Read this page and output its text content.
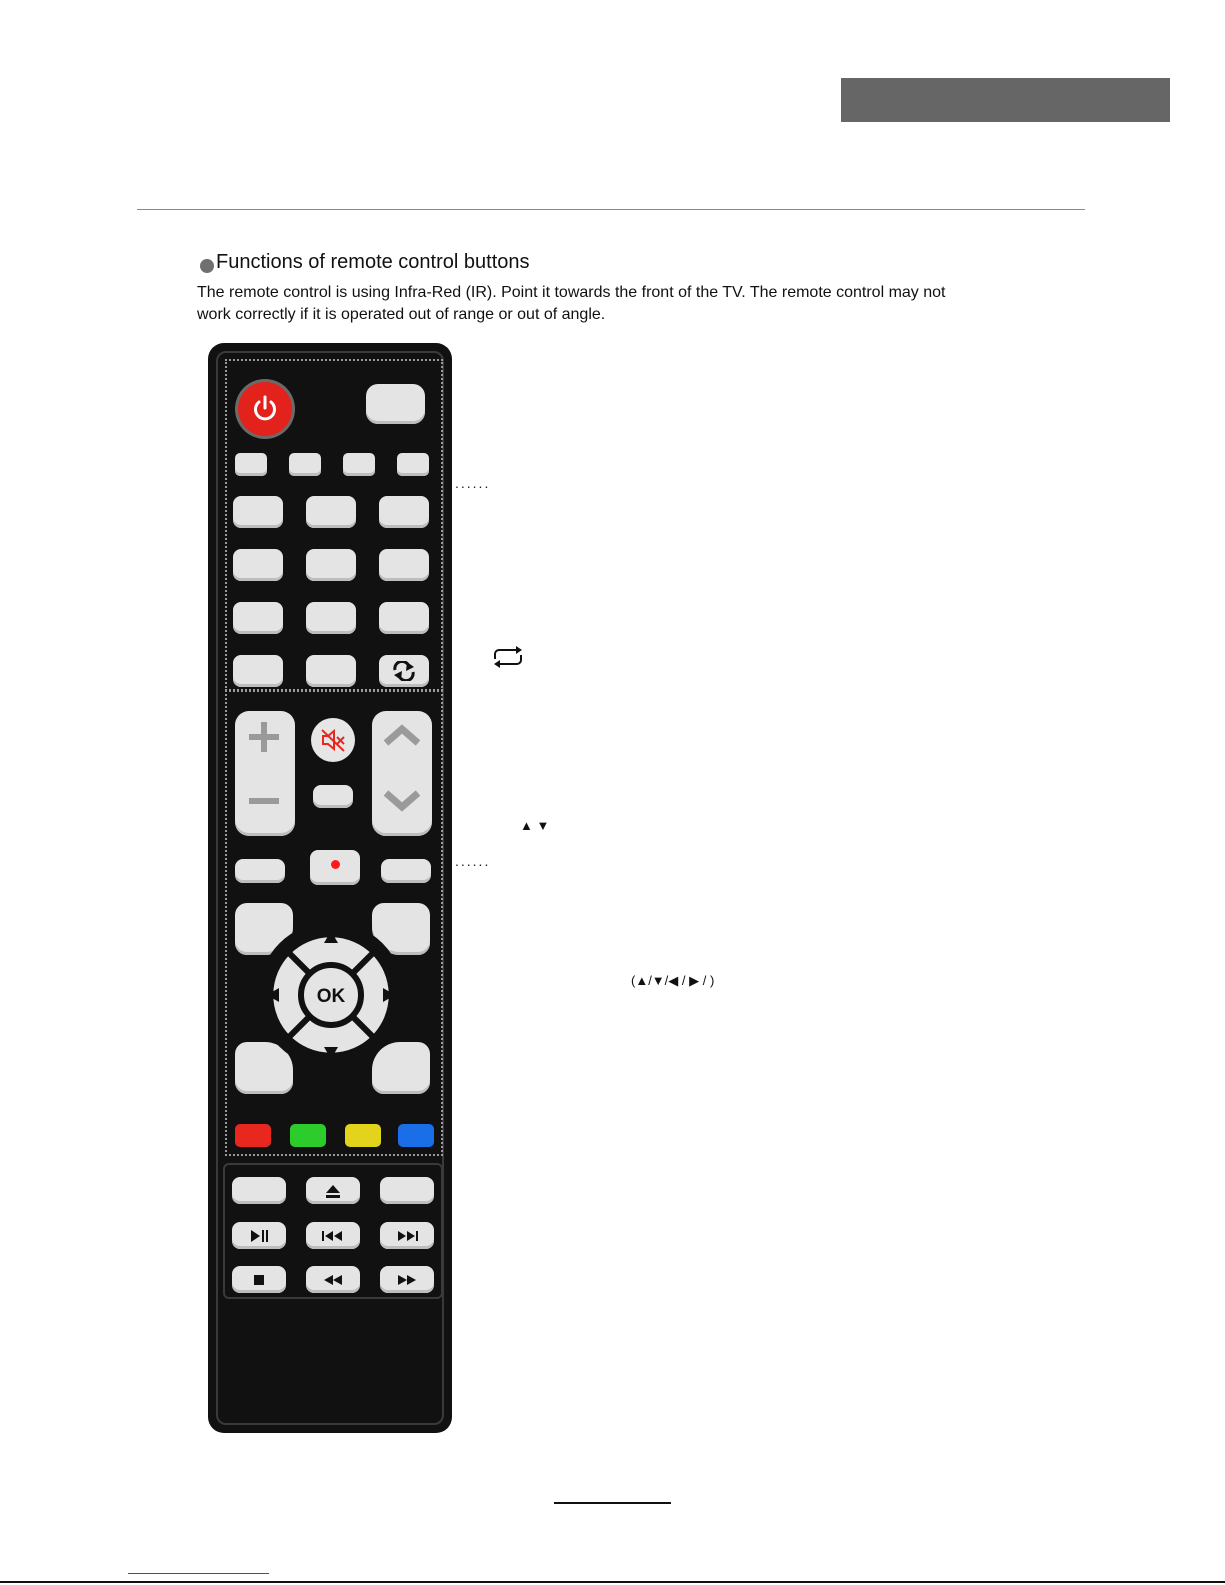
Functions of remote control buttons
The remote control is using Infra-Red (IR). Point it towards the front of the TV. The remote control may not
work correctly if it is operated out of range or out of angle.
OK
......
......
▲ ▼
(▲/▼/◀ / ▶ / )
